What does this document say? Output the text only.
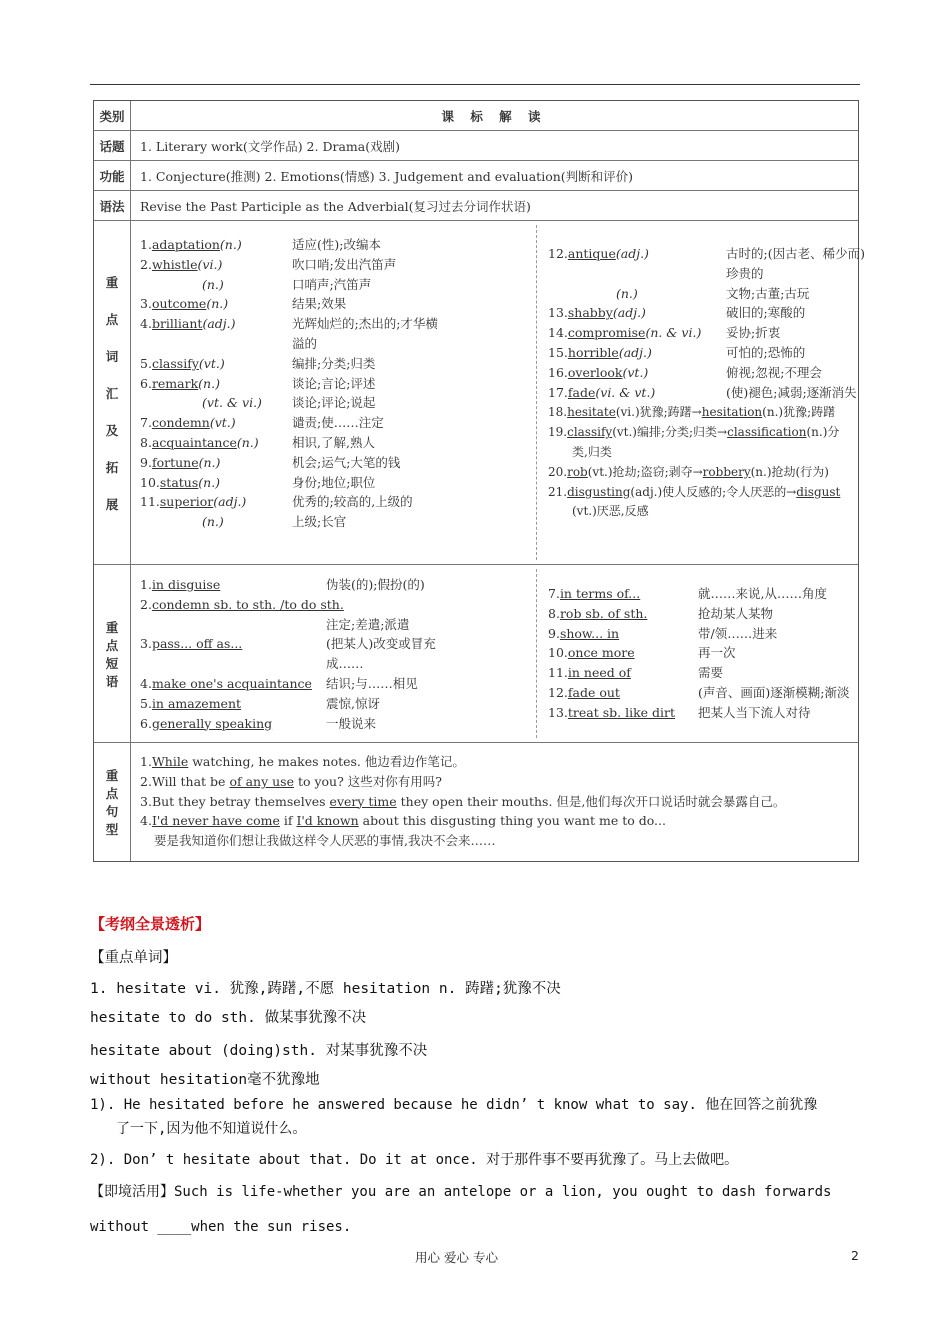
类别	课 标 解 读
话题	1. Literary work(文学作品) 2. Drama(戏剧)
功能	1. Conjecture(推测) 2. Emotions(情感) 3. Judgement and evaluation(判断和评价)
语法	Revise the Past Participle as the Adverbial(复习过去分词作状语)
重
点
词
汇
及
拓
展
1.adaptation(n.)	适应(性);改编本
2.whistle(vi.)	吹口哨;发出汽笛声
(n.)	口哨声;汽笛声
3.outcome(n.)	结果;效果
4.brilliant(adj.)	光辉灿烂的;杰出的;才华横
溢的
5.classify(vt.)	编排;分类;归类
6.remark(n.)	谈论;言论;评述
(vt. & vi.) 谈论;评论;说起
7.condemn(vt.)	谴责;使……注定
8.acquaintance(n.)	相识,了解,熟人
9.fortune(n.)	机会;运气;大笔的钱
10.status(n.)	身份;地位;职位
11.superior(adj.)	优秀的;较高的,上级的
(n.)	上级;长官
12.antique(adj.)	古时的;(因古老、稀少而)
珍贵的
(n.)	文物;古董;古玩
13.shabby(adj.)	破旧的;寒酸的
14.compromise(n. & vi.) 妥协;折衷
15.horrible(adj.)	可怕的;恐怖的
16.overlook(vt.)	俯视;忽视;不理会
17.fade(vi. & vt.)	(使)褪色;减弱;逐渐消失
18.hesitate(vi.)犹豫;踌躇→hesitation(n.)犹豫;踌躇
19.classify(vt.)编排;分类;归类→classification(n.)分
类,归类
20.rob(vt.)抢劫;盗窃;剥夺→robbery(n.)抢劫(行为)
21.disgusting(adj.)使人反感的;令人厌恶的→disgust
(vt.)厌恶,反感
重
点
短
语
1.in disguise	伪装(的);假扮(的)
2.condemn sb. to sth. /to do sth.
注定;差遣;派遣
3.pass... off as...	(把某人)改变或冒充
成……
4.make one's acquaintance 结识;与……相见
5.in amazement	震惊,惊讶
6.generally speaking	一般说来
7.in terms of...	就……来说,从……角度
8.rob sb. of sth.	抢劫某人某物
9.show... in	带/领……进来
10.once more	再一次
11.in need of	需要
12.fade out	(声音、画面)逐渐模糊;渐淡
13.treat sb. like dirt 把某人当下流人对待
重
点
句
型
1.While watching, he makes notes. 他边看边作笔记。
2.Will that be of any use to you? 这些对你有用吗?
3.But they betray themselves every time they open their mouths. 但是,他们每次开口说话时就会暴露自己。
4.I'd never have come if I'd known about this disgusting thing you want me to do...
要是我知道你们想让我做这样令人厌恶的事情,我决不会来……
【考纲全景透析】
【重点单词】
1. hesitate vi. 犹豫,踌躇,不愿 hesitation n. 踌躇;犹豫不决
hesitate to do sth. 做某事犹豫不决
hesitate about (doing)sth. 对某事犹豫不决
without hesitation毫不犹豫地
1). He hesitated before he answered because he didn’ t know what to say. 他在回答之前犹豫
了一下,因为他不知道说什么。
2). Don’ t hesitate about that. Do it at once. 对于那件事不要再犹豫了。马上去做吧。
【即境活用】Such is life-whether you are an antelope or a lion, you ought to dash forwards
without ____when the sun rises.
用心 爱心 专心	2
